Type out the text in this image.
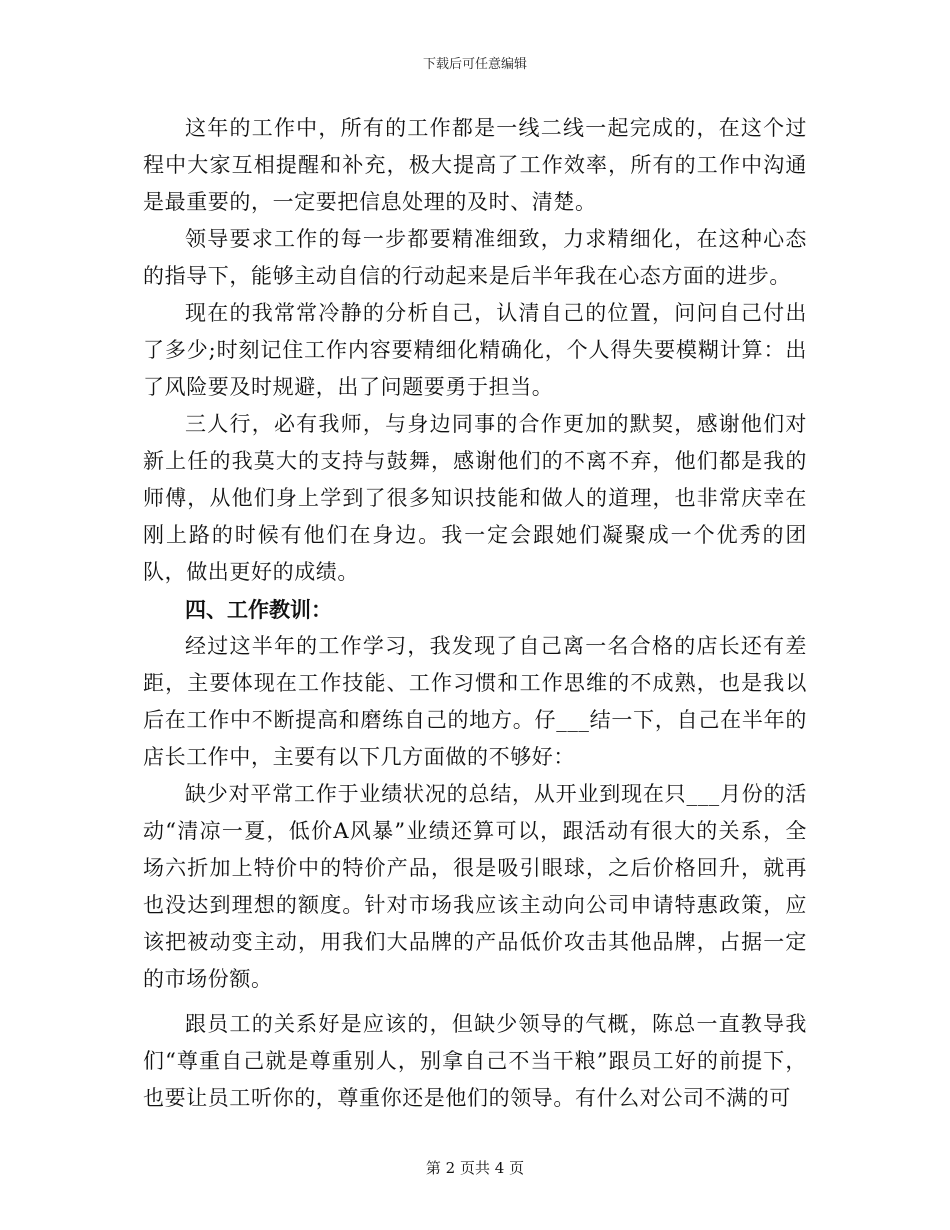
下载后可任意编辑

这年的工作中，所有的工作都是一线二线一起完成的，在这个过程中大家互相提醒和补充，极大提高了工作效率，所有的工作中沟通是最重要的，一定要把信息处理的及时、清楚。

领导要求工作的每一步都要精准细致，力求精细化，在这种心态的指导下，能够主动自信的行动起来是后半年我在心态方面的进步。

现在的我常常冷静的分析自己，认清自己的位置，问问自己付出了多少;时刻记住工作内容要精细化精确化，个人得失要模糊计算：出了风险要及时规避，出了问题要勇于担当。

三人行，必有我师，与身边同事的合作更加的默契，感谢他们对新上任的我莫大的支持与鼓舞，感谢他们的不离不弃，他们都是我的师傅，从他们身上学到了很多知识技能和做人的道理，也非常庆幸在刚上路的时候有他们在身边。我一定会跟她们凝聚成一个优秀的团队，做出更好的成绩。

四、工作教训：

经过这半年的工作学习，我发现了自己离一名合格的店长还有差距，主要体现在工作技能、工作习惯和工作思维的不成熟，也是我以后在工作中不断提高和磨练自己的地方。仔___结一下，自己在半年的店长工作中，主要有以下几方面做的不够好：

缺少对平常工作于业绩状况的总结，从开业到现在只___月份的活动“清凉一夏，低价A风暴”业绩还算可以，跟活动有很大的关系，全场六折加上特价中的特价产品，很是吸引眼球，之后价格回升，就再也没达到理想的额度。针对市场我应该主动向公司申请特惠政策，应该把被动变主动，用我们大品牌的产品低价攻击其他品牌，占据一定的市场份额。

跟员工的关系好是应该的，但缺少领导的气概，陈总一直教导我们“尊重自己就是尊重别人，别拿自己不当干粮”跟员工好的前提下，也要让员工听你的，尊重你还是他们的领导。有什么对公司不满的可

第 2 页共 4 页
